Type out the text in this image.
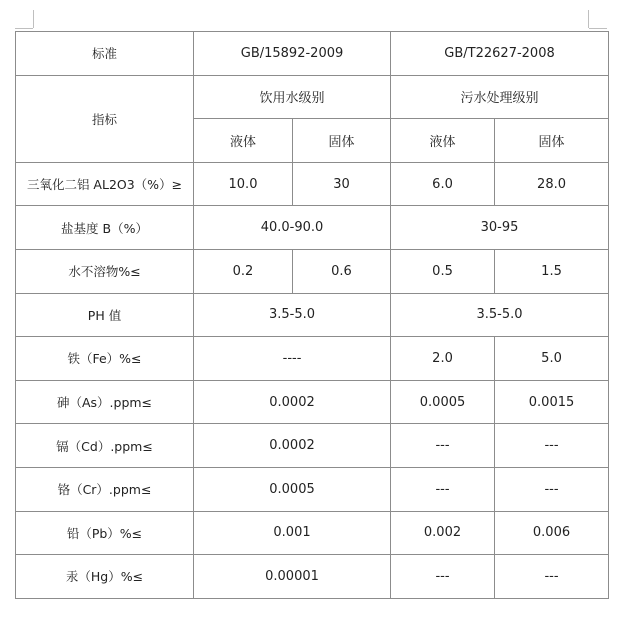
标准	GB/15892-2009		GB/T22627-2008	
指标	饮用水级别		污水处理级别	
	液体	固体	液体	固体
三氧化二铝 AL2O3（%）≥	10.0	30	6.0	28.0
盐基度 B（%）	40.0-90.0		30-95	
水不溶物%≤	0.2	0.6	0.5	1.5
PH 值	3.5-5.0		3.5-5.0	
铁（Fe）%≤	----		2.0	5.0
砷（As）.ppm≤	0.0002		0.0005	0.0015
镉（Cd）.ppm≤	0.0002		---	---
铬（Cr）.ppm≤	0.0005		---	---
铅（Pb）%≤	0.001		0.002	0.006
汞（Hg）%≤	0.00001		---	---
